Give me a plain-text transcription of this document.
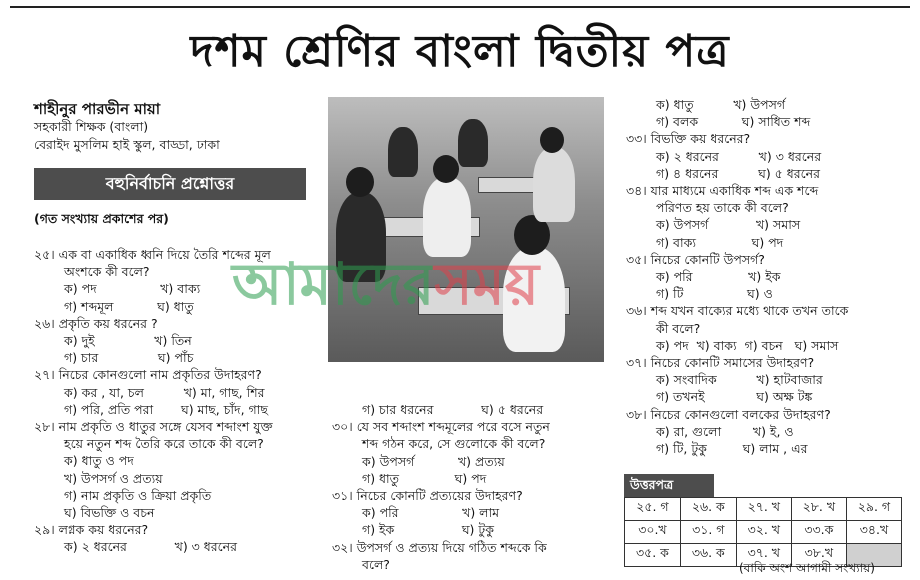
দশম শ্রেণির বাংলা দ্বিতীয় পত্র
শাহীনুর পারভীন মায়া
সহকারী শিক্ষক (বাংলা)
বেরাইদ মুসলিম হাই স্কুল, বাড্ডা, ঢাকা
বহুনির্বাচনি প্রশ্নোত্তর
(গত সংখ্যায় প্রকাশের পর)
২৫। এক বা একাধিক ধ্বনি দিয়ে তৈরি শব্দের মূল
অংশকে কী বলে?
ক) পদ                খ) বাক্য
গ) শব্দমূল           ঘ) ধাতু
২৬। প্রকৃতি কয় ধরনের ?
ক) দুই               খ) তিন
গ) চার               ঘ) পাঁচ
২৭। নিচের কোনগুলো নাম প্রকৃতির উদাহরণ?
ক) কর , যা, চল          খ) মা, গাছ, শির
গ) পরি, প্রতি পরা       ঘ) মাছ, চাঁদ, গাছ
২৮। নাম প্রকৃতি ও ধাতুর সঙ্গে যেসব শব্দাংশ যুক্ত
হয়ে নতুন শব্দ তৈরি করে তাকে কী বলে?
ক) ধাতু ও পদ
খ) উপসর্গ ও প্রত্যয়
গ) নাম প্রকৃতি ও ক্রিয়া প্রকৃতি
ঘ) বিভক্তি ও বচন
২৯। লগ্নক কয় ধরনের?
ক) ২ ধরনের            খ) ৩ ধরনের
গ) চার ধরনের            ঘ) ৫ ধরনের
৩০। যে সব শব্দাংশ শব্দমূলের পরে বসে নতুন
শব্দ গঠন করে, সে গুলোকে কী বলে?
ক) উপসর্গ           খ) প্রত্যয়
গ) ধাতু              ঘ) পদ
৩১। নিচের কোনটি প্রত্যয়ের উদাহরণ?
ক) পরি                খ) লাম
গ) ইক                 ঘ) টুকু
৩২। উপসর্গ ও প্রত্যয় দিয়ে গঠিত শব্দকে কি
বলে?
ক) ধাতু          খ) উপসর্গ
গ) বলক           ঘ) সাধিত শব্দ
৩৩। বিভক্তি কয় ধরনের?
ক) ২ ধরনের          খ) ৩ ধরনের
গ) ৪ ধরনের          ঘ) ৫ ধরনের
৩৪। যার মাধ্যমে একাধিক শব্দ এক শব্দে
পরিণত হয় তাকে কী বলে?
ক) উপসর্গ            খ) সমাস
গ) বাক্য              ঘ) পদ
৩৫। নিচের কোনটি উপসর্গ?
ক) পরি              খ) ইক
গ) টি                ঘ) ও
৩৬। শব্দ যখন বাক্যের মধ্যে থাকে তখন তাকে
কী বলে?
ক) পদ  খ) বাক্য  গ) বচন   ঘ) সমাস
৩৭। নিচের কোনটি সমাসের উদাহরণ?
ক) সংবাদিক          খ) হাটবাজার
গ) তখনই             ঘ) অক্ষ টঙ্ক
৩৮। নিচের কোনগুলো বলকের উদাহরণ?
ক) রা, গুলো        খ) ই, ও
গ) টি, টুকু         ঘ) লাম , এর
আমাদেরসময়
উত্তরপত্র
২৫. গ	২৬. ক	২৭. খ	২৮. খ	২৯. গ
৩০.খ	৩১. গ	৩২. খ	৩৩.ক	৩৪.খ
৩৫. ক	৩৬. ক	৩৭. খ	৩৮.খ	
(বাকি অংশ আগামী সংখ্যায়)
